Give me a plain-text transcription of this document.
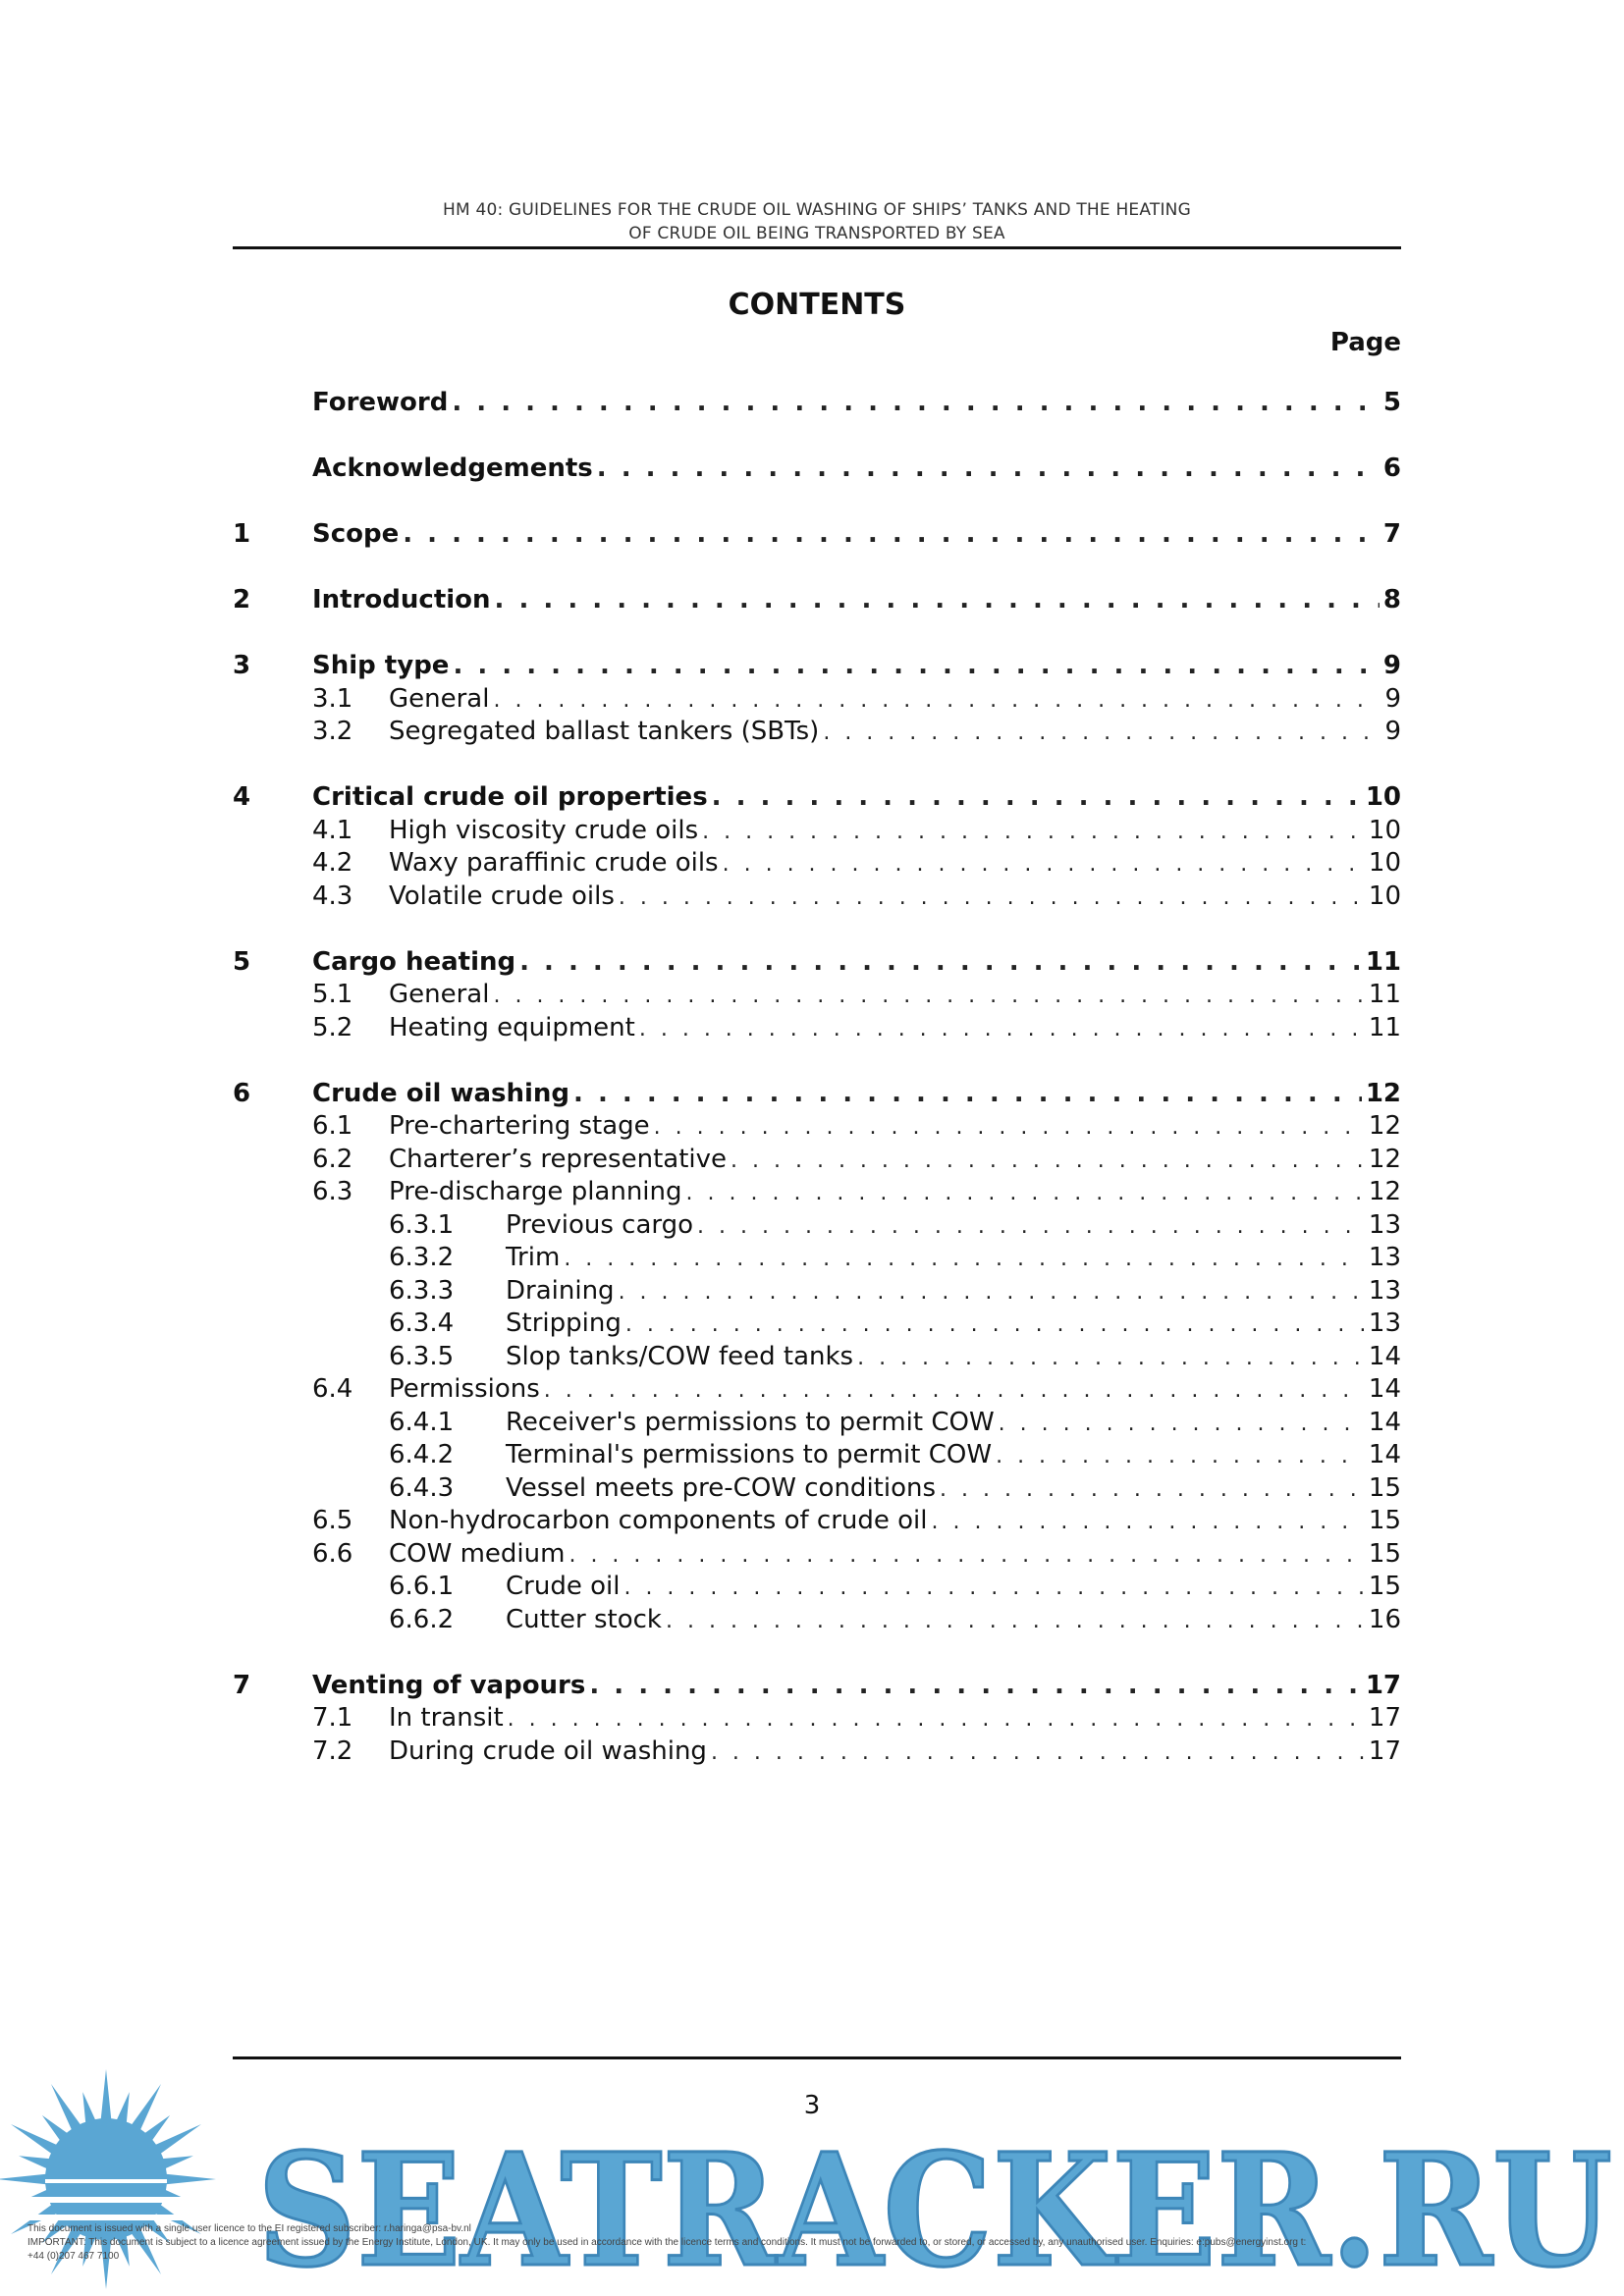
HM 40: GUIDELINES FOR THE CRUDE OIL WASHING OF SHIPS’ TANKS AND THE HEATING
OF CRUDE OIL BEING TRANSPORTED BY SEA
CONTENTS
Page
Foreword . . .	5
Acknowledgements . . .	6
1	Scope . . .	7
2	Introduction . . .	8
3	Ship type . . .	9
3.1	General . . .	9
3.2	Segregated ballast tankers (SBTs) . . .	9
4	Critical crude oil properties . . .	10
4.1	High viscosity crude oils . . .	10
4.2	Waxy paraffinic crude oils . . .	10
4.3	Volatile crude oils . . .	10
5	Cargo heating . . .	11
5.1	General . . .	11
5.2	Heating equipment . . .	11
6	Crude oil washing . . .	12
6.1	Pre-chartering stage . . .	12
6.2	Charterer’s representative . . .	12
6.3	Pre-discharge planning . . .	12
6.3.1	Previous cargo . . .	13
6.3.2	Trim . . .	13
6.3.3	Draining . . .	13
6.3.4	Stripping . . .	13
6.3.5	Slop tanks/COW feed tanks . . .	14
6.4	Permissions . . .	14
6.4.1	Receiver's permissions to permit COW . . .	14
6.4.2	Terminal's permissions to permit COW . . .	14
6.4.3	Vessel meets pre-COW conditions . . .	15
6.5	Non-hydrocarbon components of crude oil . . .	15
6.6	COW medium . . .	15
6.6.1	Crude oil . . .	15
6.6.2	Cutter stock . . .	16
7	Venting of vapours . . .	17
7.1	In transit . . .	17
7.2	During crude oil washing . . .	17
SEATRACKER.RU
3
This document is issued with a single user licence to the EI registered subscriber: r.haringa@psa-bv.nl
IMPORTANT: This document is subject to a licence agreement issued by the Energy Institute, London, UK. It may only be used in accordance with the licence terms and conditions. It must not be forwarded to, or stored, or accessed by, any unauthorised user. Enquiries: e:pubs@energyinst.org t:
+44 (0)207 467 7100
